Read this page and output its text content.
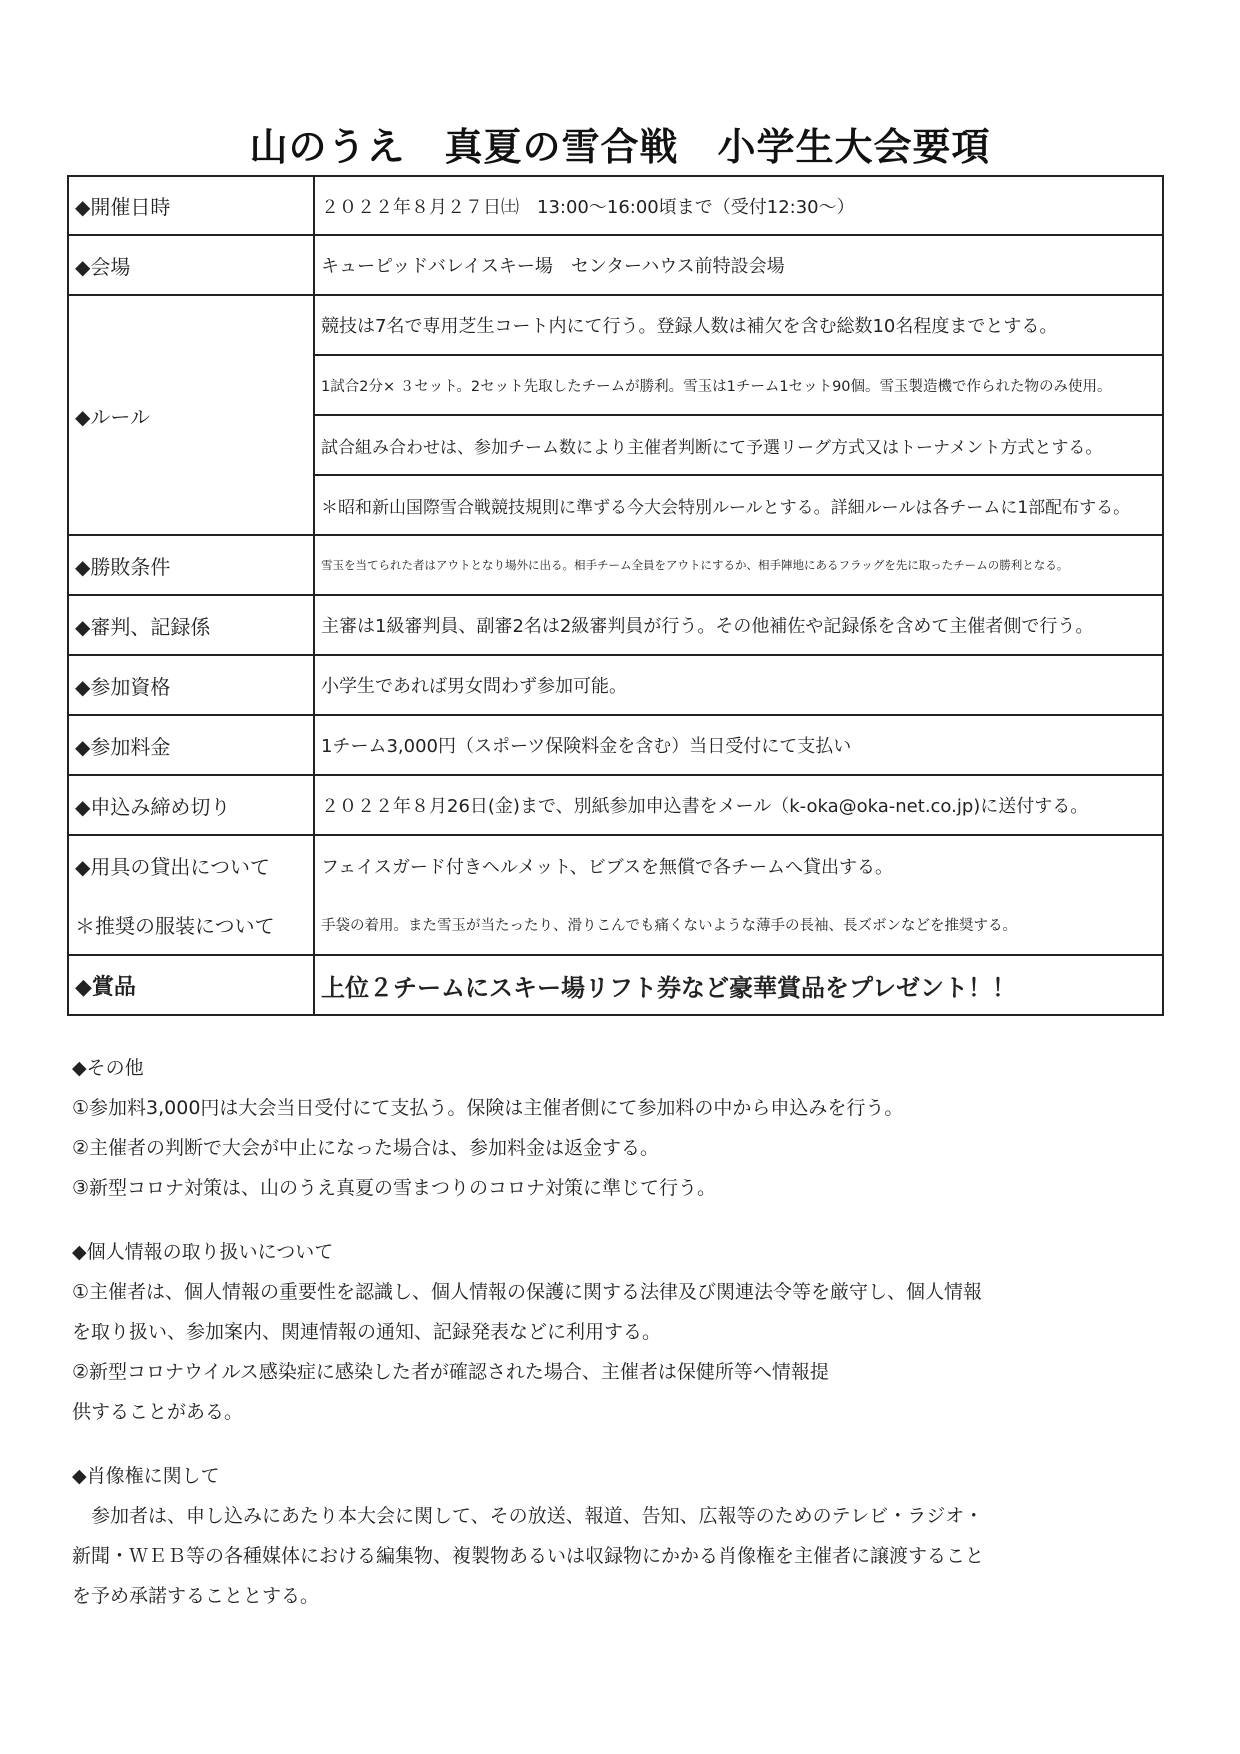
山のうえ　真夏の雪合戦　小学生大会要項
◆開催日時	２０２２年８月２７日㈯　13:00～16:00頃まで（受付12:30～）
◆会場	キューピッドバレイスキー場　センターハウス前特設会場
◆ルール	競技は7名で専用芝生コート内にて行う。登録人数は補欠を含む総数10名程度までとする。
	1試合2分× ３セット。2セット先取したチームが勝利。雪玉は1チーム1セット90個。雪玉製造機で作られた物のみ使用。
	試合組み合わせは、参加チーム数により主催者判断にて予選リーグ方式又はトーナメント方式とする。
	＊昭和新山国際雪合戦競技規則に準ずる今大会特別ルールとする。詳細ルールは各チームに1部配布する。
◆勝敗条件	雪玉を当てられた者はアウトとなり場外に出る。相手チーム全員をアウトにするか、相手陣地にあるフラッグを先に取ったチームの勝利となる。
◆審判、記録係	主審は1級審判員、副審2名は2級審判員が行う。その他補佐や記録係を含めて主催者側で行う。
◆参加資格	小学生であれば男女問わず参加可能。
◆参加料金	1チーム3,000円（スポーツ保険料金を含む）当日受付にて支払い
◆申込み締め切り	２０２２年８月26日(金)まで、別紙参加申込書をメール（k-oka@oka-net.co.jp)に送付する。
◆用具の貸出について	フェイスガード付きヘルメット、ビブスを無償で各チームへ貸出する。
＊推奨の服装について	手袋の着用。また雪玉が当たったり、滑りこんでも痛くないような薄手の長袖、長ズボンなどを推奨する。
◆賞品	上位２チームにスキー場リフト券など豪華賞品をプレゼント！！

◆その他

①参加料3,000円は大会当日受付にて支払う。保険は主催者側にて参加料の中から申込みを行う。

②主催者の判断で大会が中止になった場合は、参加料金は返金する。

③新型コロナ対策は、山のうえ真夏の雪まつりのコロナ対策に準じて行う。

◆個人情報の取り扱いについて

①主催者は、個人情報の重要性を認識し、個人情報の保護に関する法律及び関連法令等を厳守し、個人情報

を取り扱い、参加案内、関連情報の通知、記録発表などに利用する。

②新型コロナウイルス感染症に感染した者が確認された場合、主催者は保健所等へ情報提

供することがある。

◆肖像権に関して

　参加者は、申し込みにあたり本大会に関して、その放送、報道、告知、広報等のためのテレビ・ラジオ・

新聞・ＷＥＢ等の各種媒体における編集物、複製物あるいは収録物にかかる肖像権を主催者に譲渡すること

を予め承諾することとする。
